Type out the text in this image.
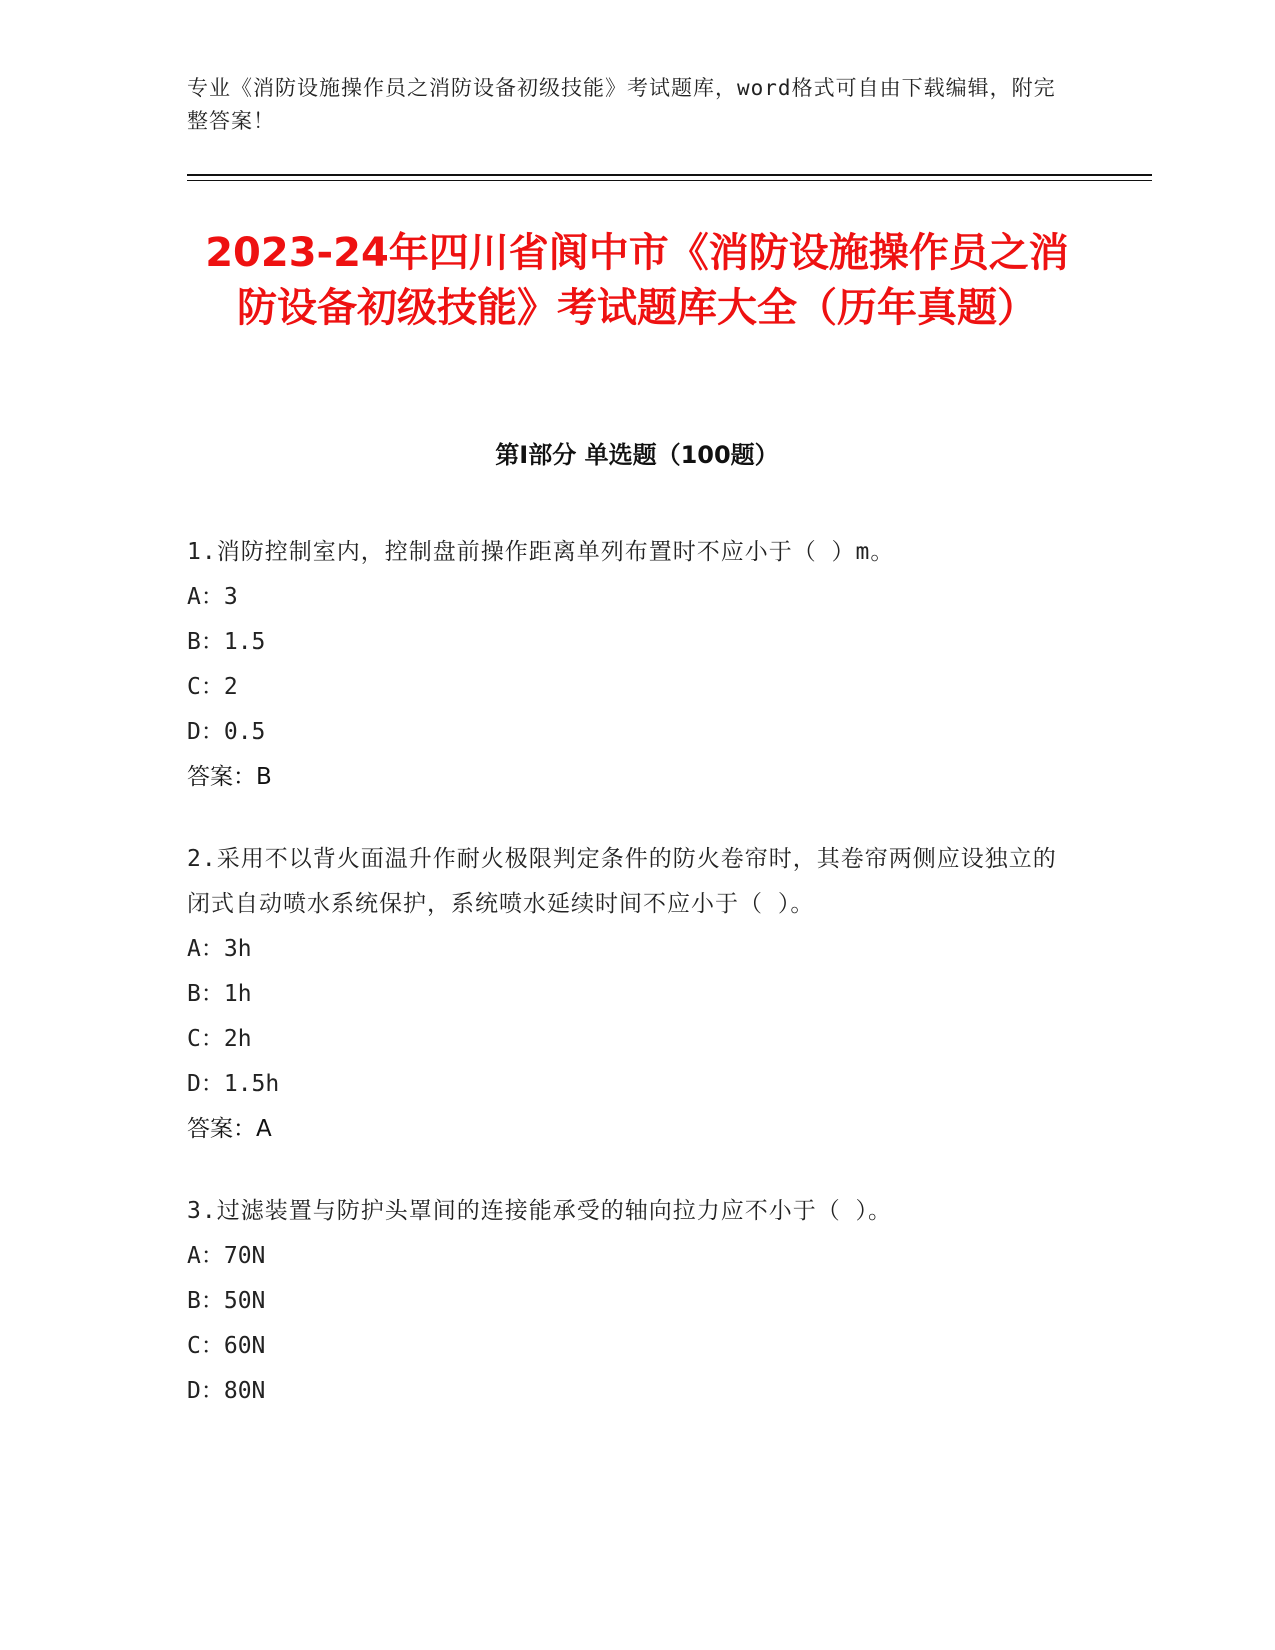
专业《消防设施操作员之消防设备初级技能》考试题库，word格式可自由下载编辑，附完整答案！
2023-24年四川省阆中市《消防设施操作员之消防设备初级技能》考试题库大全（历年真题）
第I部分 单选题（100题）

1.消防控制室内，控制盘前操作距离单列布置时不应小于（ ）m。

A：3

B：1.5

C：2

D：0.5

答案：B

2.采用不以背火面温升作耐火极限判定条件的防火卷帘时，其卷帘两侧应设独立的闭式自动喷水系统保护，系统喷水延续时间不应小于（ ）。

A：3h

B：1h

C：2h

D：1.5h

答案：A

3.过滤装置与防护头罩间的连接能承受的轴向拉力应不小于（ ）。

A：70N

B：50N

C：60N

D：80N
